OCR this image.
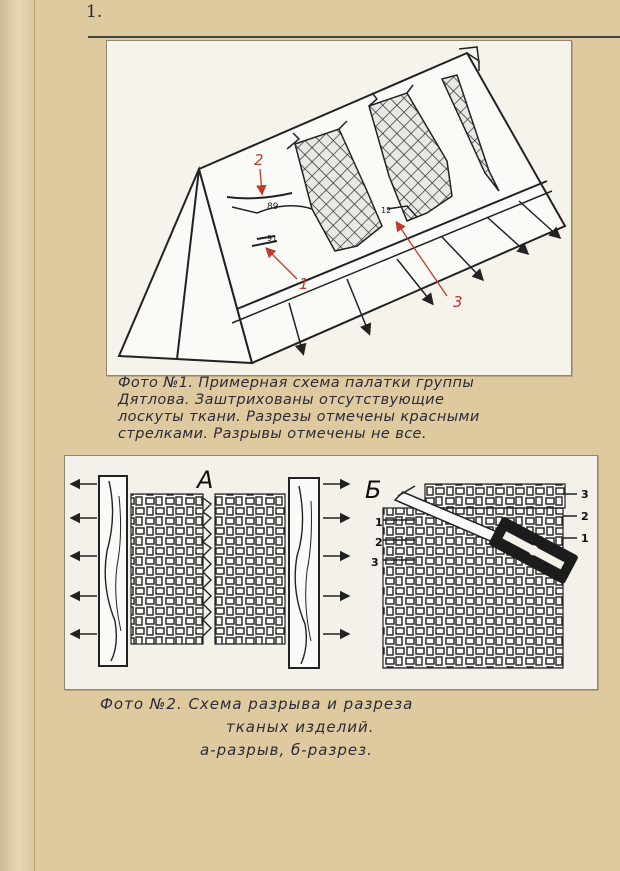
1.
2
1
3
89
91
12
Фото №1. Примерная схема палатки группы
Дятлова. Заштрихованы отсутствующие
лоскуты ткани. Разрезы отмечены красными
стрелками. Разрывы отмечены не все.
А	Б
1
2
3
3
2
1
Фото №2. Схема разрыва и разреза
тканых изделий.
а-разрыв, б-разрез.
